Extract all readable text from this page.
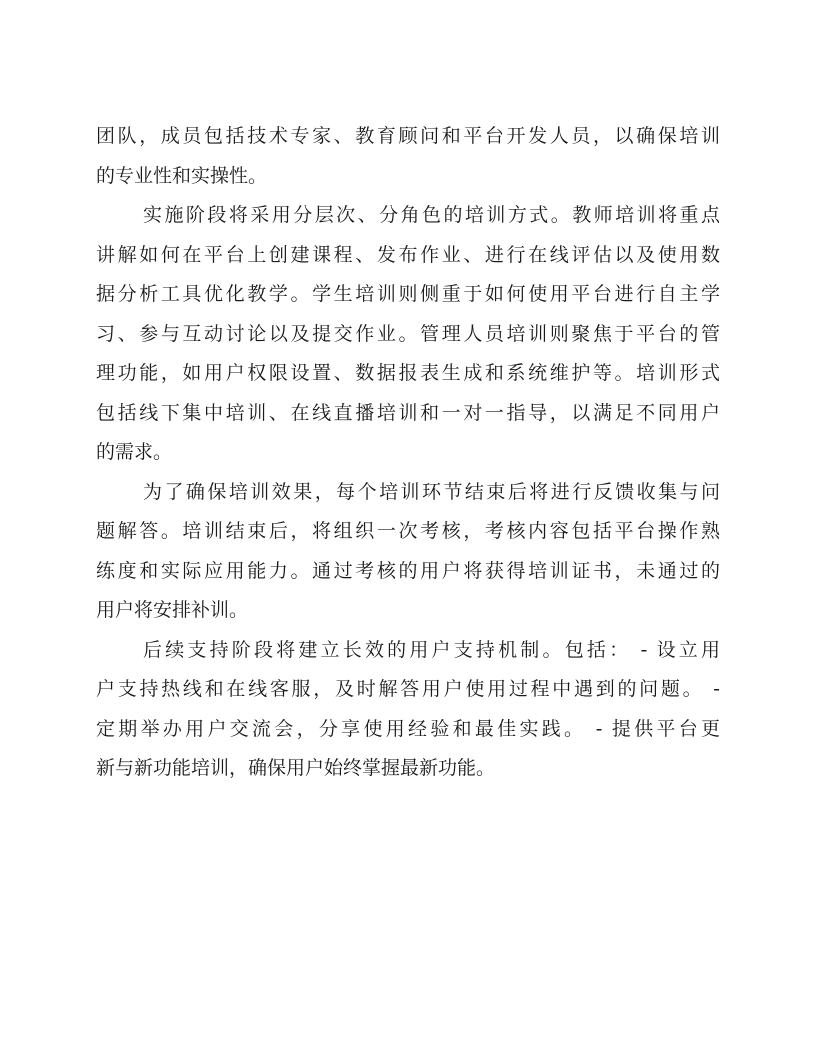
团队，成员包括技术专家、教育顾问和平台开发人员，以确保培训
的专业性和实操性。
实施阶段将采用分层次、分角色的培训方式。教师培训将重点
讲解如何在平台上创建课程、发布作业、进行在线评估以及使用数
据分析工具优化教学。学生培训则侧重于如何使用平台进行自主学
习、参与互动讨论以及提交作业。管理人员培训则聚焦于平台的管
理功能，如用户权限设置、数据报表生成和系统维护等。培训形式
包括线下集中培训、在线直播培训和一对一指导，以满足不同用户
的需求。
为了确保培训效果，每个培训环节结束后将进行反馈收集与问
题解答。培训结束后，将组织一次考核，考核内容包括平台操作熟
练度和实际应用能力。通过考核的用户将获得培训证书，未通过的
用户将安排补训。
后续支持阶段将建立长效的用户支持机制。包括： - 设立用
户支持热线和在线客服，及时解答用户使用过程中遇到的问题。 -
定期举办用户交流会，分享使用经验和最佳实践。 - 提供平台更
新与新功能培训，确保用户始终掌握最新功能。
